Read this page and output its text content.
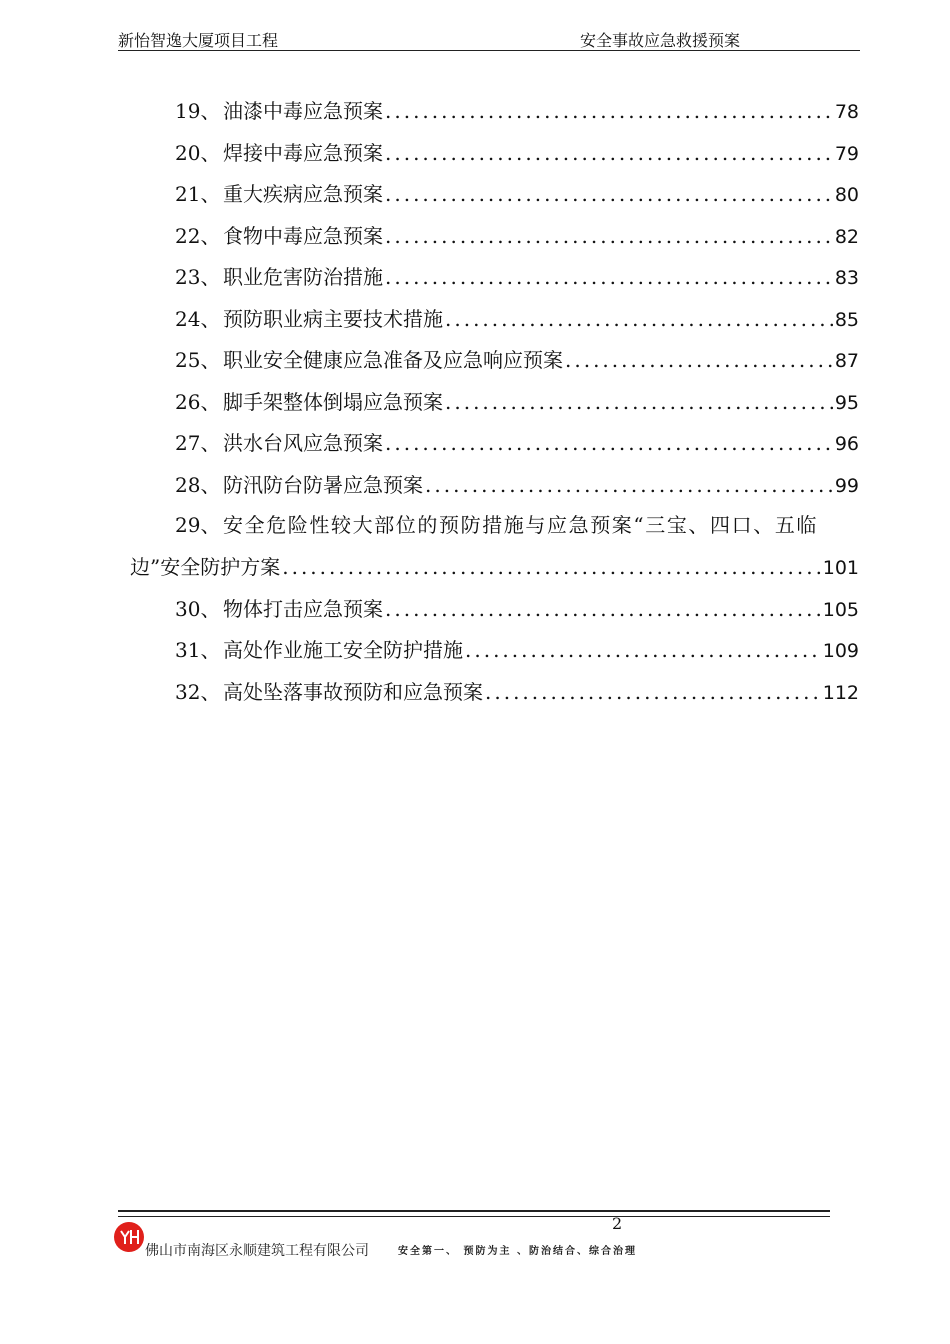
新怡智逸大厦项目工程	安全事故应急救援预案
19、 油漆中毒应急预案 .....	78
20、 焊接中毒应急预案 .....	79
21、 重大疾病应急预案 .....	80
22、 食物中毒应急预案 .....	82
23、 职业危害防治措施 .....	83
24、 预防职业病主要技术措施 .....	85
25、 职业安全健康应急准备及应急响应预案 .....	87
26、 脚手架整体倒塌应急预案 .....	95
27、 洪水台风应急预案 .....	96
28、 防汛防台防暑应急预案 .....	99
29、 安全危险性较大部位的预防措施与应急预案“三宝、四口、五临
边”安全防护方案 .....	101
30、 物体打击应急预案 .....	105
31、 高处作业施工安全防护措施 .....	109
32、 高处坠落事故预防和应急预案 .....	112
2
佛山市南海区永顺建筑工程有限公司	安全第一、 预防为主 、防治结合、综合治理
